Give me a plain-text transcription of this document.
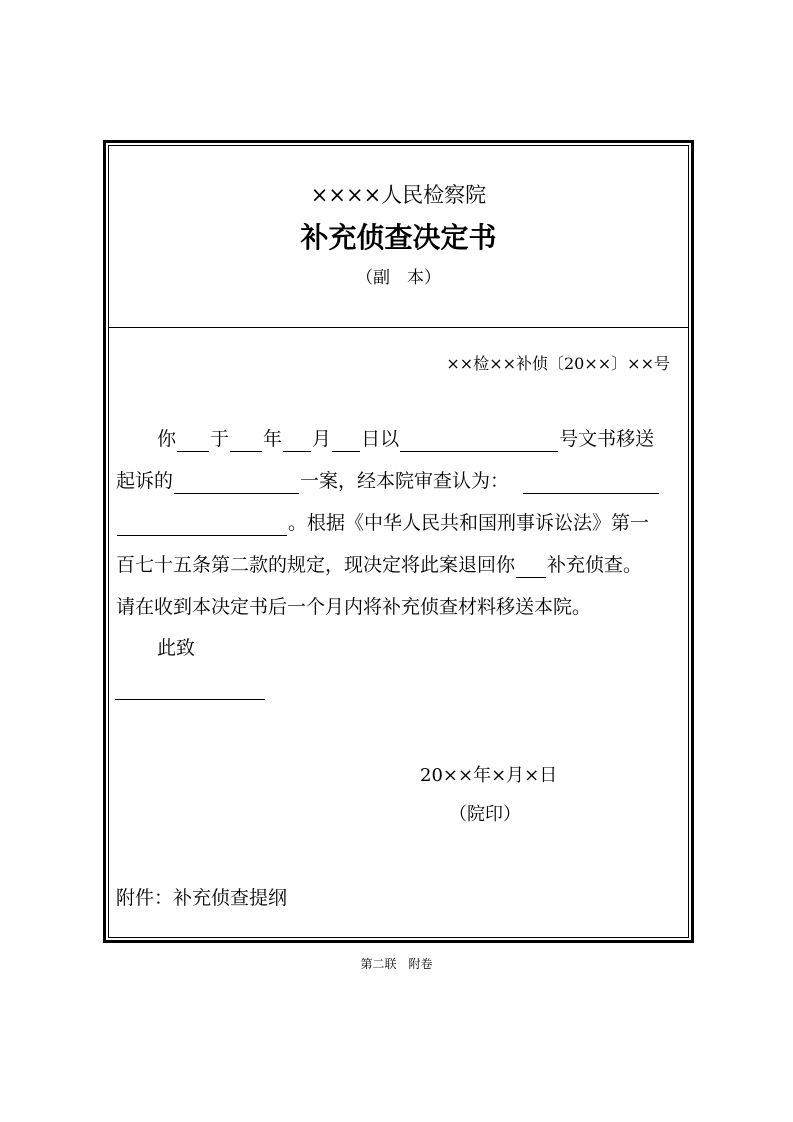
××××人民检察院
补充侦查决定书
（副　本）
××检××补侦〔20××〕××号
你 于 年 月 日以	号文书移送
起诉的	一案，经本院审查认为：
。根据《中华人民共和国刑事诉讼法》第一
百七十五条第二款的规定，现决定将此案退回你 补充侦查。
请在收到本决定书后一个月内将补充侦查材料移送本院。
此致
20××年×月×日
（院印）
附件：补充侦查提纲
第二联　附卷
